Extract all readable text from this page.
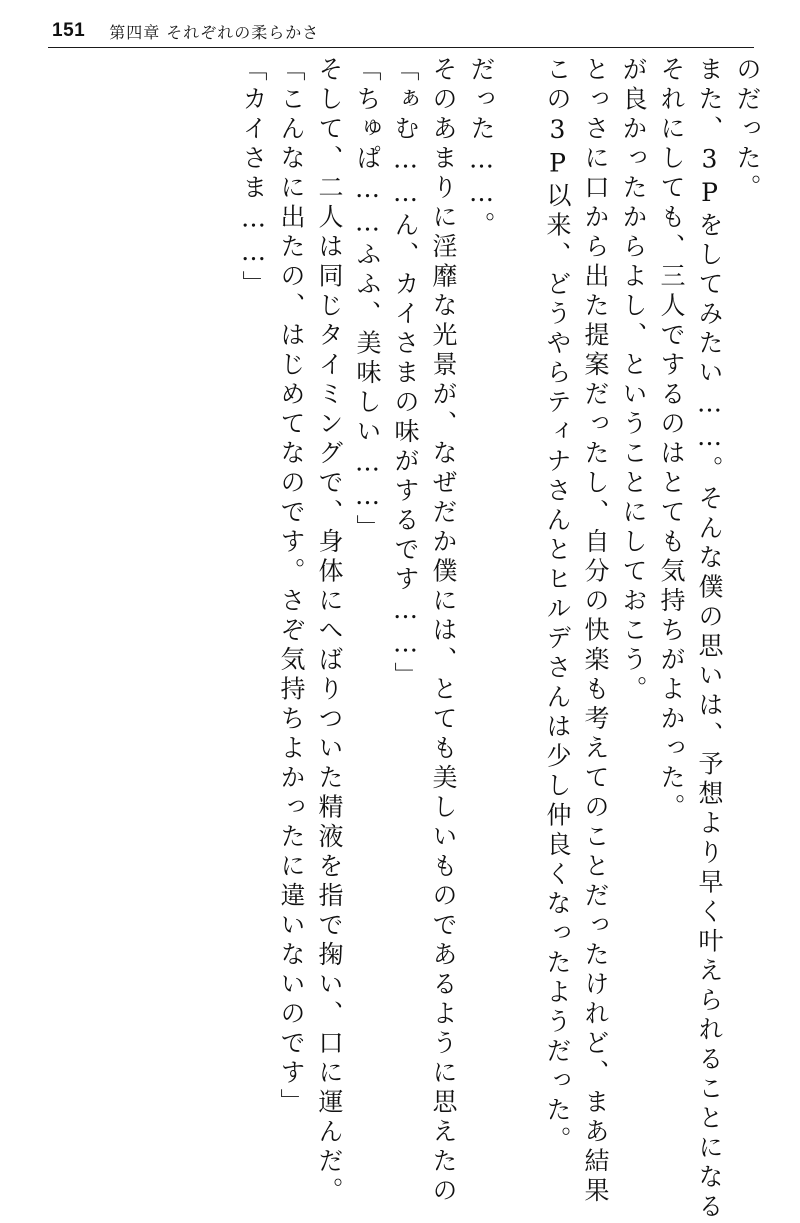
151 第四章 それぞれの柔らかさ
「カイさま……」 「こんなに出たの、はじめてなのです。さぞ気持ちよかったに違いないのです」 そして、二人は同じタイミングで、身体にへばりついた精液を指で掬い、口に運んだ。 「ちゅぱ……ふふ、美味しい……」 「ぁむ……ん、カイさまの味がするです……」 そのあまりに淫靡な光景が、なぜだか僕には、とても美しいものであるように思えたの だった……。	この3P以来、どうやらティナさんとヒルデさんは少し仲良くなったようだった。 とっさに口から出た提案だったし、自分の快楽も考えてのことだったけれど、まあ結果 が良かったからよし、ということにしておこう。 それにしても、三人でするのはとても気持ちがよかった。 また、3Pをしてみたい……。そんな僕の思いは、予想より早く叶えられることになる のだった。
